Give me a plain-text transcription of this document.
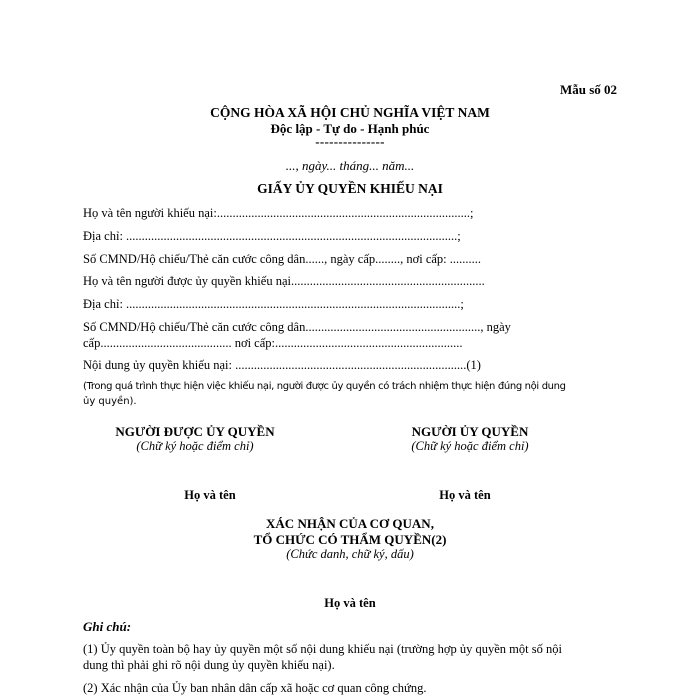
Mẫu số 02
CỘNG HÒA XÃ HỘI CHỦ NGHĨA VIỆT NAM
Độc lập - Tự do - Hạnh phúc
---------------
..., ngày... tháng... năm...
GIẤY ỦY QUYỀN KHIẾU NẠI
Họ và tên người khiếu nại:.................................................................................;
Địa chỉ: ..........................................................................................................;
Số CMND/Hộ chiếu/Thẻ căn cước công dân......, ngày cấp........, nơi cấp: ..........
Họ và tên người được ủy quyền khiếu nại..............................................................
Địa chỉ: ...........................................................................................................;
Số CMND/Hộ chiếu/Thẻ căn cước công dân........................................................, ngày
cấp.......................................... nơi cấp:............................................................
Nội dung ủy quyền khiếu nại: ..........................................................................(1)
(Trong quá trình thực hiện việc khiếu nại, người được ủy quyền có trách nhiệm thực hiện đúng nội dung
ủy quyền).
NGƯỜI ĐƯỢC ỦY QUYỀN
(Chữ ký hoặc điểm chỉ)
Họ và tên
NGƯỜI ỦY QUYỀN
(Chữ ký hoặc điểm chỉ)
Họ và tên
XÁC NHẬN CỦA CƠ QUAN,
TỔ CHỨC CÓ THẨM QUYỀN(2)
(Chức danh, chữ ký, dấu)
Họ và tên
Ghi chú:
(1) Ủy quyền toàn bộ hay ủy quyền một số nội dung khiếu nại (trường hợp ủy quyền một số nội
dung thì phải ghi rõ nội dung ủy quyền khiếu nại).
(2) Xác nhận của Ủy ban nhân dân cấp xã hoặc cơ quan công chứng.
